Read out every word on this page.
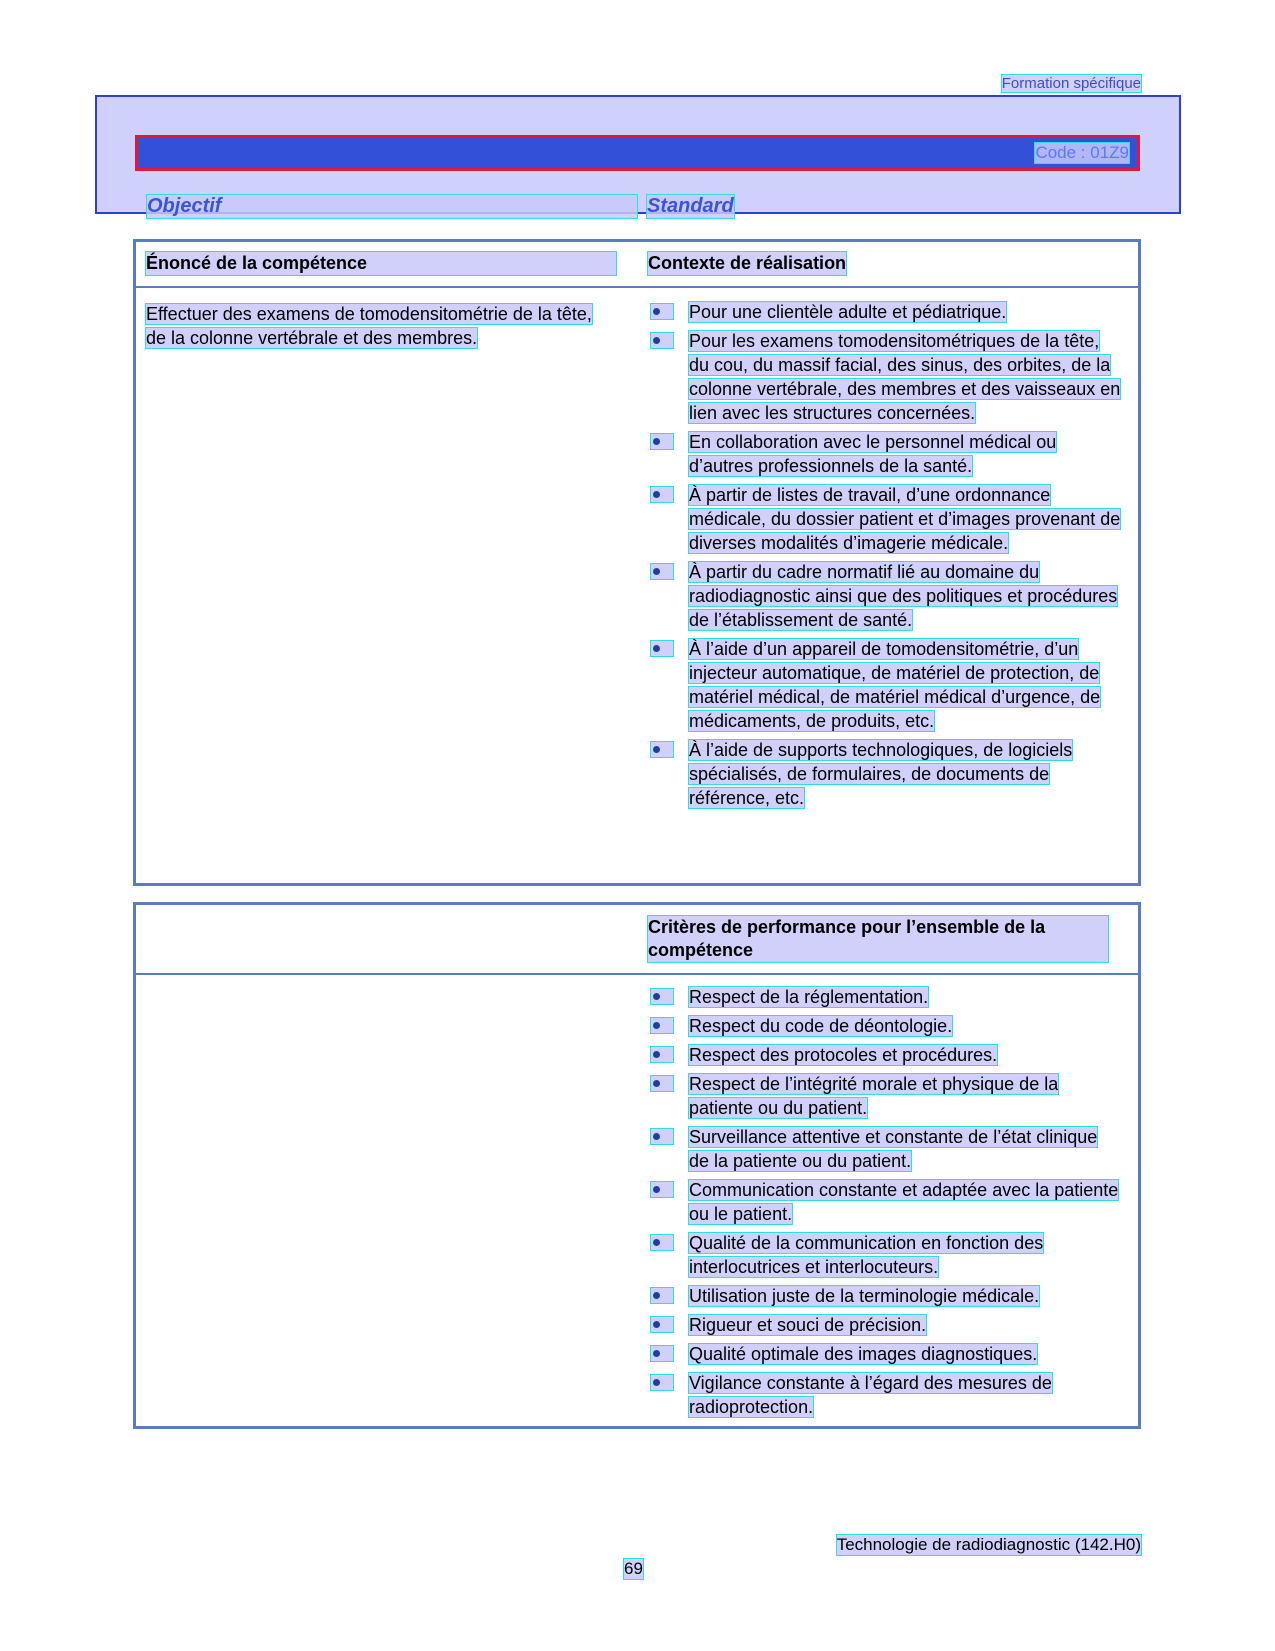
Formation spécifique
Code : 01Z9
Objectif	Standard
Énoncé de la compétence	Contexte de réalisation
Effectuer des examens de tomodensitométrie de la tête, de la colonne vertébrale et des membres.
Pour une clientèle adulte et pédiatrique.
Pour les examens tomodensitométriques de la tête, du cou, du massif facial, des sinus, des orbites, de la colonne vertébrale, des membres et des vaisseaux en lien avec les structures concernées.
En collaboration avec le personnel médical ou d’autres professionnels de la santé.
À partir de listes de travail, d’une ordonnance médicale, du dossier patient et d’images provenant de diverses modalités d’imagerie médicale.
À partir du cadre normatif lié au domaine du radiodiagnostic ainsi que des politiques et procédures de l’établissement de santé.
À l’aide d’un appareil de tomodensitométrie, d’un injecteur automatique, de matériel de protection, de matériel médical, de matériel médical d’urgence, de médicaments, de produits, etc.
À l’aide de supports technologiques, de logiciels spécialisés, de formulaires, de documents de référence, etc.
Critères de performance pour l’ensemble de la compétence
Respect de la réglementation.
Respect du code de déontologie.
Respect des protocoles et procédures.
Respect de l’intégrité morale et physique de la patiente ou du patient.
Surveillance attentive et constante de l’état clinique de la patiente ou du patient.
Communication constante et adaptée avec la patiente ou le patient.
Qualité de la communication en fonction des interlocutrices et interlocuteurs.
Utilisation juste de la terminologie médicale.
Rigueur et souci de précision.
Qualité optimale des images diagnostiques.
Vigilance constante à l’égard des mesures de radioprotection.
Technologie de radiodiagnostic (142.H0)
69
